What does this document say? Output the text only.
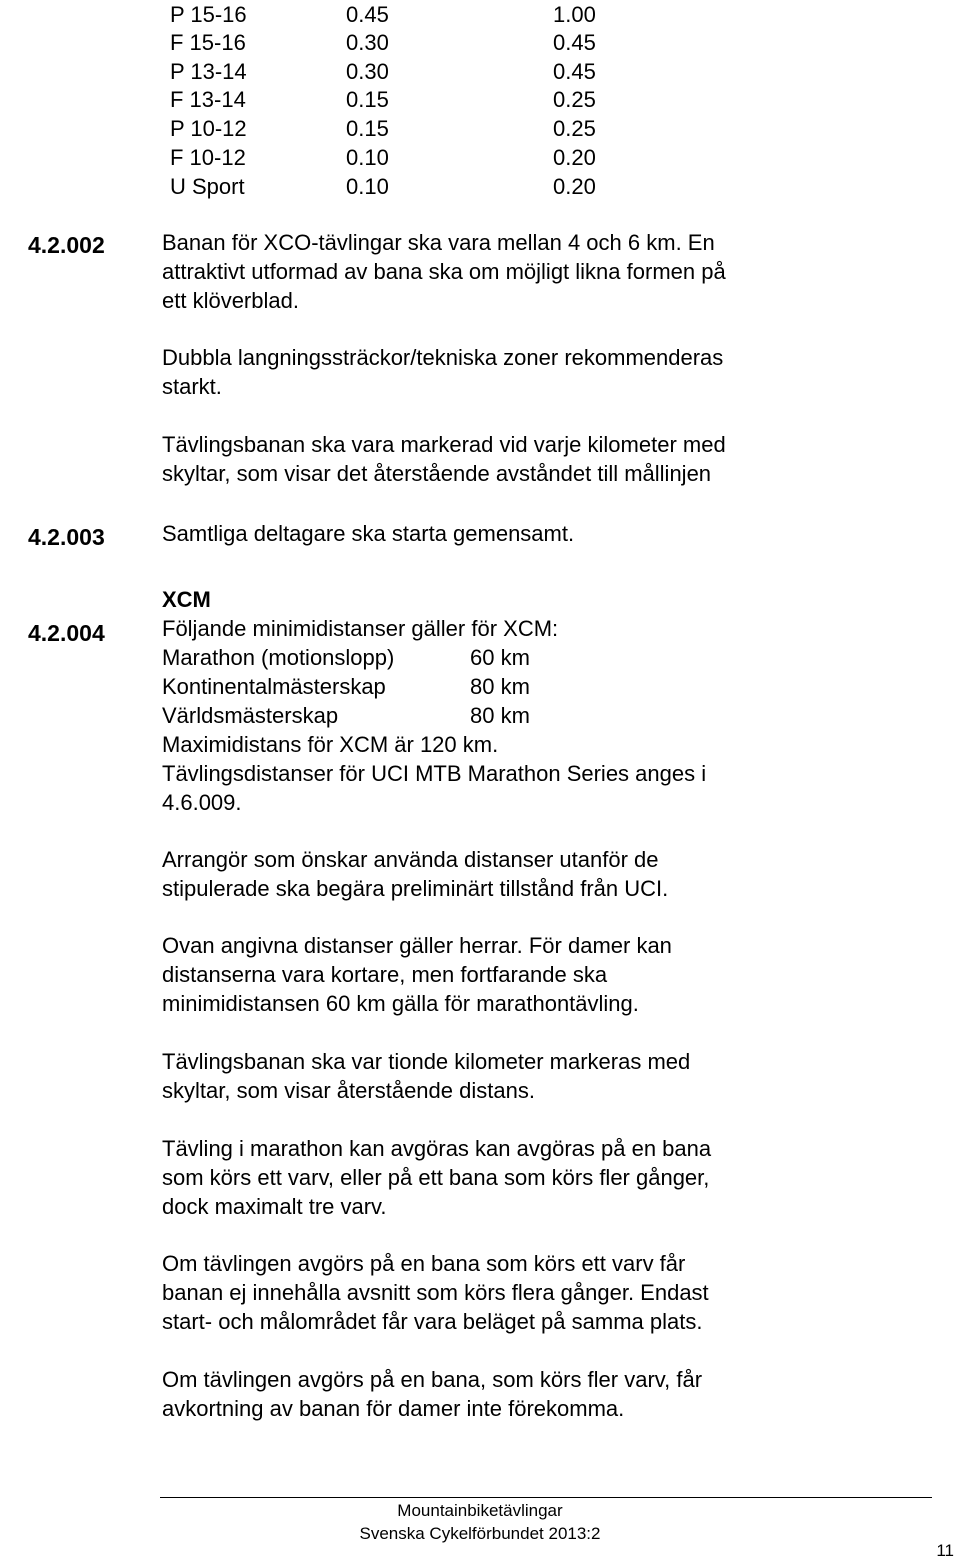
P 15-16	0.45	1.00
F 15-16	0.30	0.45
P 13-14	0.30	0.45
F 13-14	0.15	0.25
P 10-12	0.15	0.25
F 10-12	0.10	0.20
U Sport	0.10	0.20
4.2.002	Banan för XCO-tävlingar ska vara mellan 4 och 6 km. En
attraktivt utformad av bana ska om möjligt likna formen på
ett klöverblad.

Dubbla langningssträckor/tekniska zoner rekommenderas
starkt.

Tävlingsbanan ska vara markerad vid varje kilometer med
skyltar, som visar det återstående avståndet till mållinjen

4.2.003	Samtliga deltagare ska starta gemensamt.

XCM
4.2.004	Följande minimidistanser gäller för XCM:

Marathon (motionslopp)	60 km
Kontinentalmästerskap	80 km
Världsmästerskap	80 km

Maximidistans för XCM är 120 km.
Tävlingsdistanser för UCI MTB Marathon Series anges i
4.6.009.

Arrangör som önskar använda distanser utanför de
stipulerade ska begära preliminärt tillstånd från UCI.

Ovan angivna distanser gäller herrar. För damer kan
distanserna vara kortare, men fortfarande ska
minimidistansen 60 km gälla för marathontävling.

Tävlingsbanan ska var tionde kilometer markeras med
skyltar, som visar återstående distans.

Tävling i marathon kan avgöras kan avgöras på en bana
som körs ett varv, eller på ett bana som körs fler gånger,
dock maximalt tre varv.

Om tävlingen avgörs på en bana som körs ett varv får
banan ej innehålla avsnitt som körs flera gånger. Endast
start- och målområdet får vara beläget på samma plats.

Om tävlingen avgörs på en bana, som körs fler varv, får
avkortning av banan för damer inte förekomma.

Mountainbiketävlingar
Svenska Cykelförbundet 2013:2
11
